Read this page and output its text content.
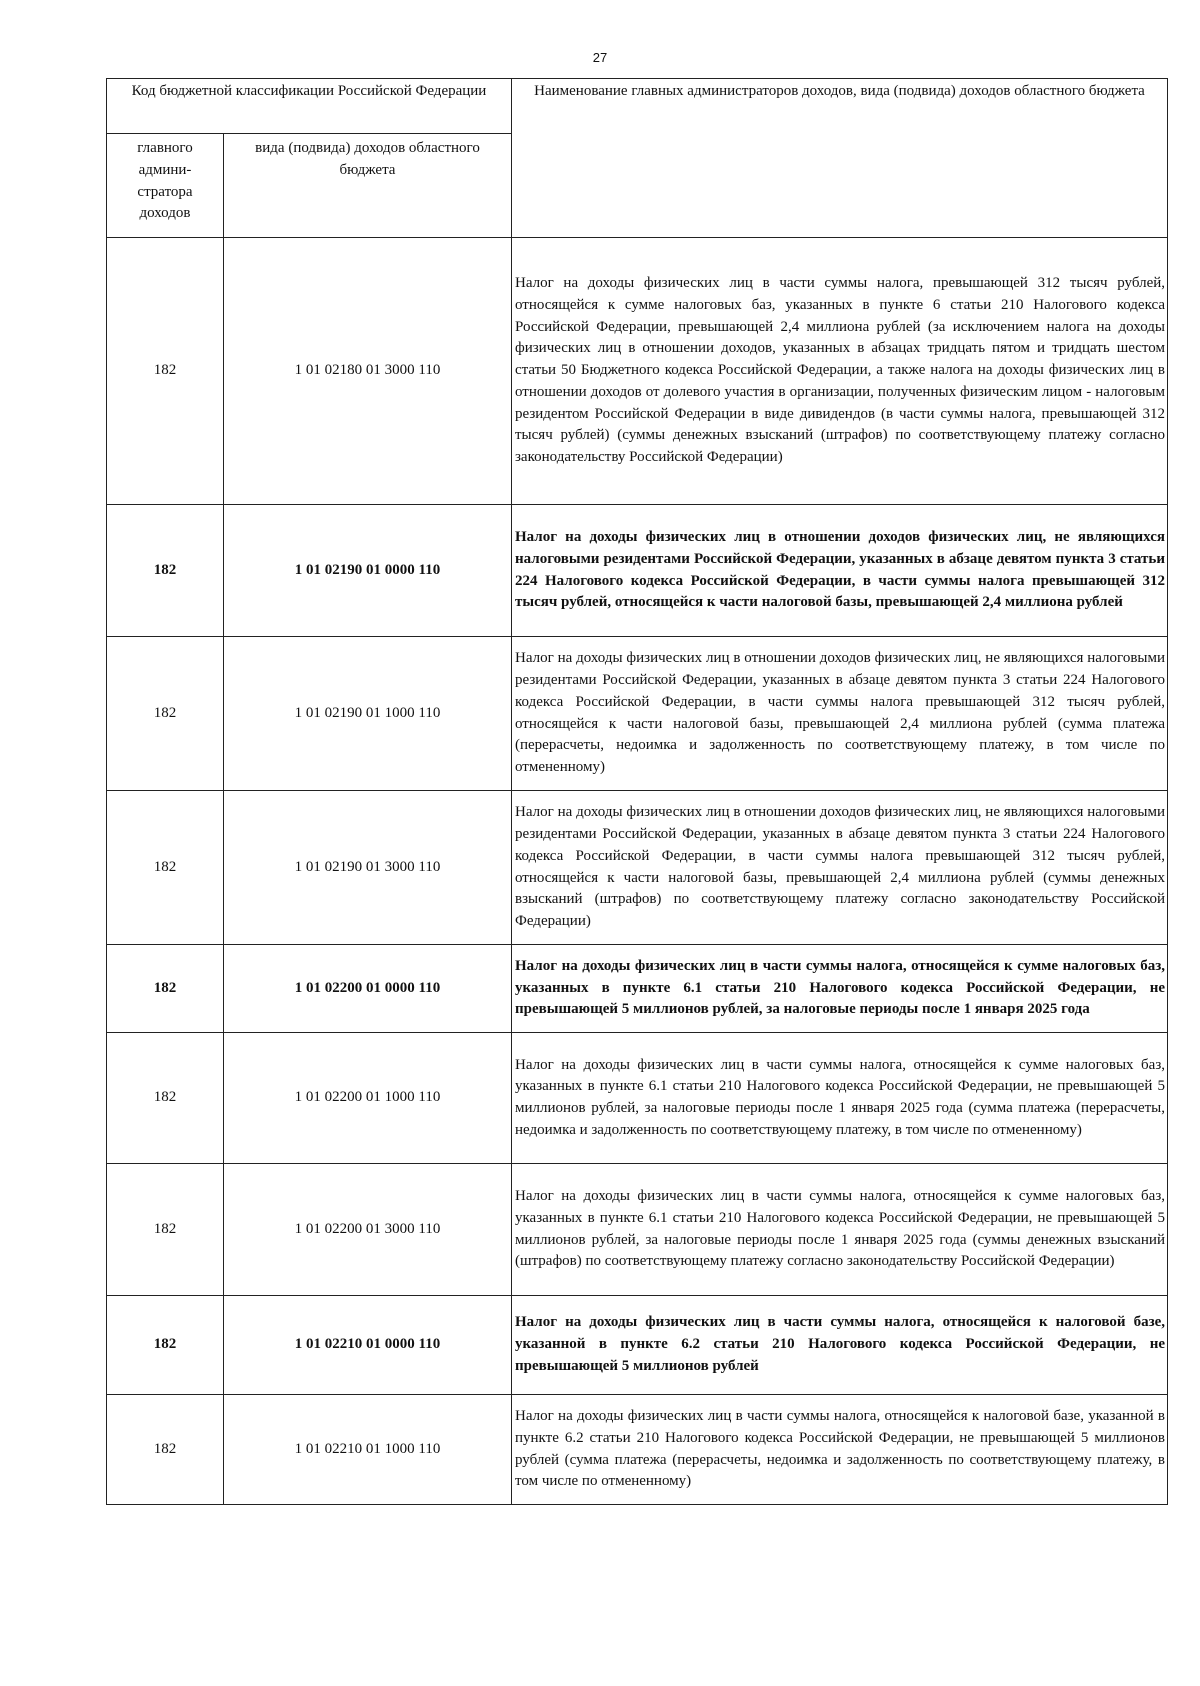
27
Код бюджетной классификации Российской Федерации		Наименование главных администраторов доходов, вида (подвида) доходов областного бюджета
главного админи-стратора доходов	вида (подвида) доходов областного бюджета	
182	1 01 02180 01 3000 110	Налог на доходы физических лиц в части суммы налога, превышающей 312 тысяч рублей, относящейся к сумме налоговых баз, указанных в пункте 6 статьи 210 Налогового кодекса Российской Федерации, превышающей 2,4 миллиона рублей (за исключением налога на доходы физических лиц в отношении доходов, указанных в абзацах тридцать пятом и тридцать шестом статьи 50 Бюджетного кодекса Российской Федерации, а также налога на доходы физических лиц в отношении доходов от долевого участия в организации, полученных физическим лицом - налоговым резидентом Российской Федерации в виде дивидендов (в части суммы налога, превышающей 312 тысяч рублей) (суммы денежных взысканий (штрафов) по соответствующему платежу согласно законодательству Российской Федерации)
182	1 01 02190 01 0000 110	Налог на доходы физических лиц в отношении доходов физических лиц, не являющихся налоговыми резидентами Российской Федерации, указанных в абзаце девятом пункта 3 статьи 224 Налогового кодекса Российской Федерации, в части суммы налога превышающей 312 тысяч рублей, относящейся к части налоговой базы, превышающей 2,4 миллиона рублей
182	1 01 02190 01 1000 110	Налог на доходы физических лиц в отношении доходов физических лиц, не являющихся налоговыми резидентами Российской Федерации, указанных в абзаце девятом пункта 3 статьи 224 Налогового кодекса Российской Федерации, в части суммы налога превышающей 312 тысяч рублей, относящейся к части налоговой базы, превышающей 2,4 миллиона рублей (сумма платежа (перерасчеты, недоимка и задолженность по соответствующему платежу, в том числе по отмененному)
182	1 01 02190 01 3000 110	Налог на доходы физических лиц в отношении доходов физических лиц, не являющихся налоговыми резидентами Российской Федерации, указанных в абзаце девятом пункта 3 статьи 224 Налогового кодекса Российской Федерации, в части суммы налога превышающей 312 тысяч рублей, относящейся к части налоговой базы, превышающей 2,4 миллиона рублей (суммы денежных взысканий (штрафов) по соответствующему платежу согласно законодательству Российской Федерации)
182	1 01 02200 01 0000 110	Налог на доходы физических лиц в части суммы налога, относящейся к сумме налоговых баз, указанных в пункте 6.1 статьи 210 Налогового кодекса Российской Федерации, не превышающей 5 миллионов рублей, за налоговые периоды после 1 января 2025 года
182	1 01 02200 01 1000 110	Налог на доходы физических лиц в части суммы налога, относящейся к сумме налоговых баз, указанных в пункте 6.1 статьи 210 Налогового кодекса Российской Федерации, не превышающей 5 миллионов рублей, за налоговые периоды после 1 января 2025 года (сумма платежа (перерасчеты, недоимка и задолженность по соответствующему платежу, в том числе по отмененному)
182	1 01 02200 01 3000 110	Налог на доходы физических лиц в части суммы налога, относящейся к сумме налоговых баз, указанных в пункте 6.1 статьи 210 Налогового кодекса Российской Федерации, не превышающей 5 миллионов рублей, за налоговые периоды после 1 января 2025 года (суммы денежных взысканий (штрафов) по соответствующему платежу согласно законодательству Российской Федерации)
182	1 01 02210 01 0000 110	Налог на доходы физических лиц в части суммы налога, относящейся к налоговой базе, указанной в пункте 6.2 статьи 210 Налогового кодекса Российской Федерации, не превышающей 5 миллионов рублей
182	1 01 02210 01 1000 110	Налог на доходы физических лиц в части суммы налога, относящейся к налоговой базе, указанной в пункте 6.2 статьи 210 Налогового кодекса Российской Федерации, не превышающей 5 миллионов рублей (сумма платежа (перерасчеты, недоимка и задолженность по соответствующему платежу, в том числе по отмененному)
